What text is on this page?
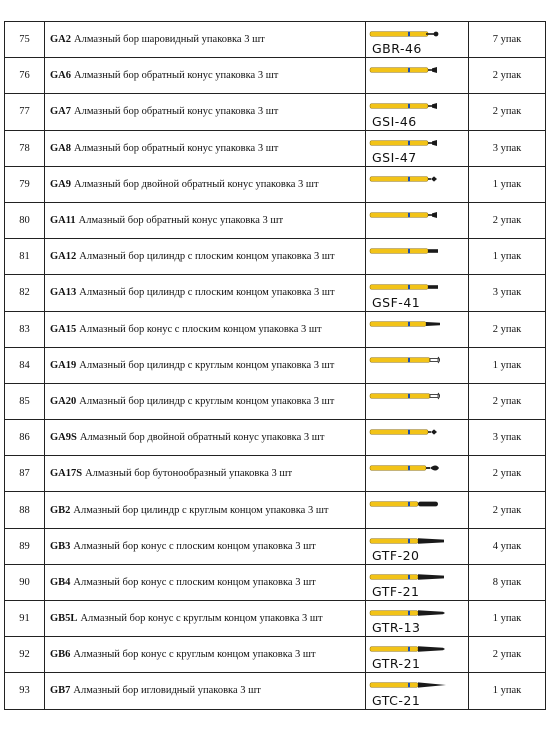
75	GA2 Алмазный бор шаровидный упаковка 3 шт	GBR-46	7 упак
76	GA6 Алмазный бор обратный конус упаковка 3 шт		2 упак
77	GA7 Алмазный бор обратный конус упаковка 3 шт	GSI-46	2 упак
78	GA8 Алмазный бор обратный конус упаковка 3 шт	GSI-47	3 упак
79	GA9 Алмазный бор двойной обратный конус упаковка 3 шт		1 упак
80	GA11 Алмазный бор обратный конус упаковка 3 шт		2 упак
81	GA12 Алмазный бор цилиндр с плоским концом упаковка 3 шт		1 упак
82	GA13 Алмазный бор цилиндр с плоским концом упаковка 3 шт	GSF-41	3 упак
83	GA15 Алмазный бор конус с плоским концом упаковка 3 шт		2 упак
84	GA19 Алмазный бор цилиндр с круглым концом упаковка 3 шт		1 упак
85	GA20 Алмазный бор цилиндр с круглым концом упаковка 3 шт		2 упак
86	GA9S Алмазный бор двойной обратный конус упаковка 3 шт		3 упак
87	GA17S Алмазный бор бутонообразный упаковка 3 шт		2 упак
88	GB2 Алмазный бор цилиндр с круглым концом упаковка 3 шт		2 упак
89	GB3 Алмазный бор конус с плоским концом упаковка 3 шт	GTF-20	4 упак
90	GB4 Алмазный бор конус с плоским концом упаковка 3 шт	GTF-21	8 упак
91	GB5L Алмазный бор конус с круглым концом упаковка 3 шт	GTR-13	1 упак
92	GB6 Алмазный бор конус с круглым концом упаковка 3 шт	GTR-21	2 упак
93	GB7 Алмазный бор игловидный упаковка 3 шт	GTC-21	1 упак
